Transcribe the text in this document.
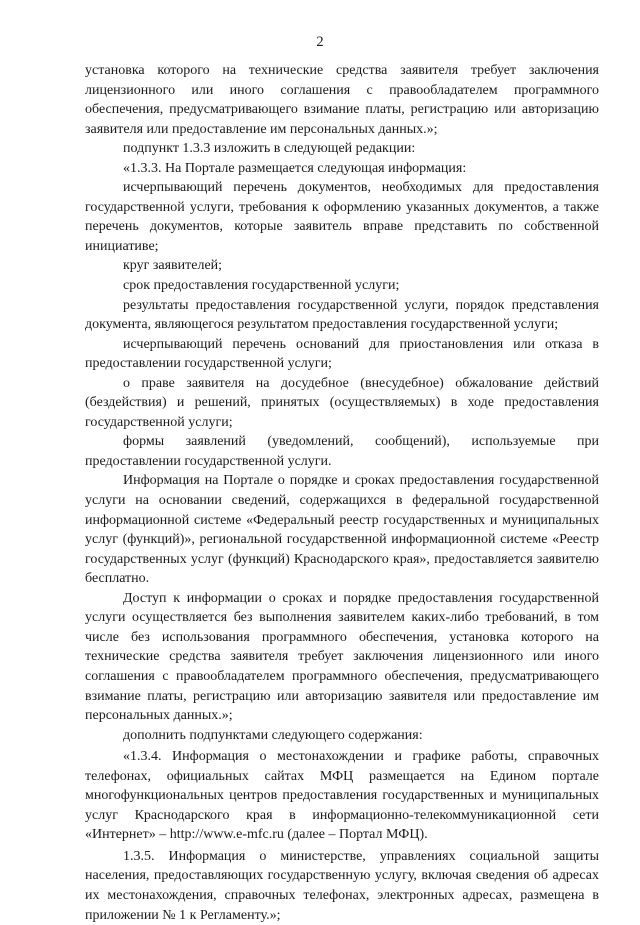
2

установка которого на технические средства заявителя требует заключения лицензионного или иного соглашения с правообладателем программного обеспечения, предусматривающего взимание платы, регистрацию или авторизацию заявителя или предоставление им персональных данных.»;

подпункт 1.3.3 изложить в следующей редакции:

«1.3.3. На Портале размещается следующая информация:

исчерпывающий перечень документов, необходимых для предоставления государственной услуги, требования к оформлению указанных документов, а также перечень документов, которые заявитель вправе представить по собственной инициативе;

круг заявителей;

срок предоставления государственной услуги;

результаты предоставления государственной услуги, порядок представления документа, являющегося результатом предоставления государственной услуги;

исчерпывающий перечень оснований для приостановления или отказа в предоставлении государственной услуги;

о праве заявителя на досудебное (внесудебное) обжалование действий (бездействия) и решений, принятых (осуществляемых) в ходе предоставления государственной услуги;

формы заявлений (уведомлений, сообщений), используемые при предоставлении государственной услуги.

Информация на Портале о порядке и сроках предоставления государственной услуги на основании сведений, содержащихся в федеральной государственной информационной системе «Федеральный реестр государственных и муниципальных услуг (функций)», региональной государственной информационной системе «Реестр государственных услуг (функций) Краснодарского края», предоставляется заявителю бесплатно.

Доступ к информации о сроках и порядке предоставления государственной услуги осуществляется без выполнения заявителем каких-либо требований, в том числе без использования программного обеспечения, установка которого на технические средства заявителя требует заключения лицензионного или иного соглашения с правообладателем программного обеспечения, предусматривающего взимание платы, регистрацию или авторизацию заявителя или предоставление им персональных данных.»;

дополнить подпунктами следующего содержания:

«1.3.4. Информация о местонахождении и графике работы, справочных телефонах, официальных сайтах МФЦ размещается на Едином портале многофункциональных центров предоставления государственных и муниципальных услуг Краснодарского края в информационно-телекоммуникационной сети «Интернет» – http://www.e-mfc.ru (далее – Портал МФЦ).

1.3.5. Информация о министерстве, управлениях социальной защиты населения, предоставляющих государственную услугу, включая сведения об адресах их местонахождения, справочных телефонах, электронных адресах, размещена в приложении № 1 к Регламенту.»;
